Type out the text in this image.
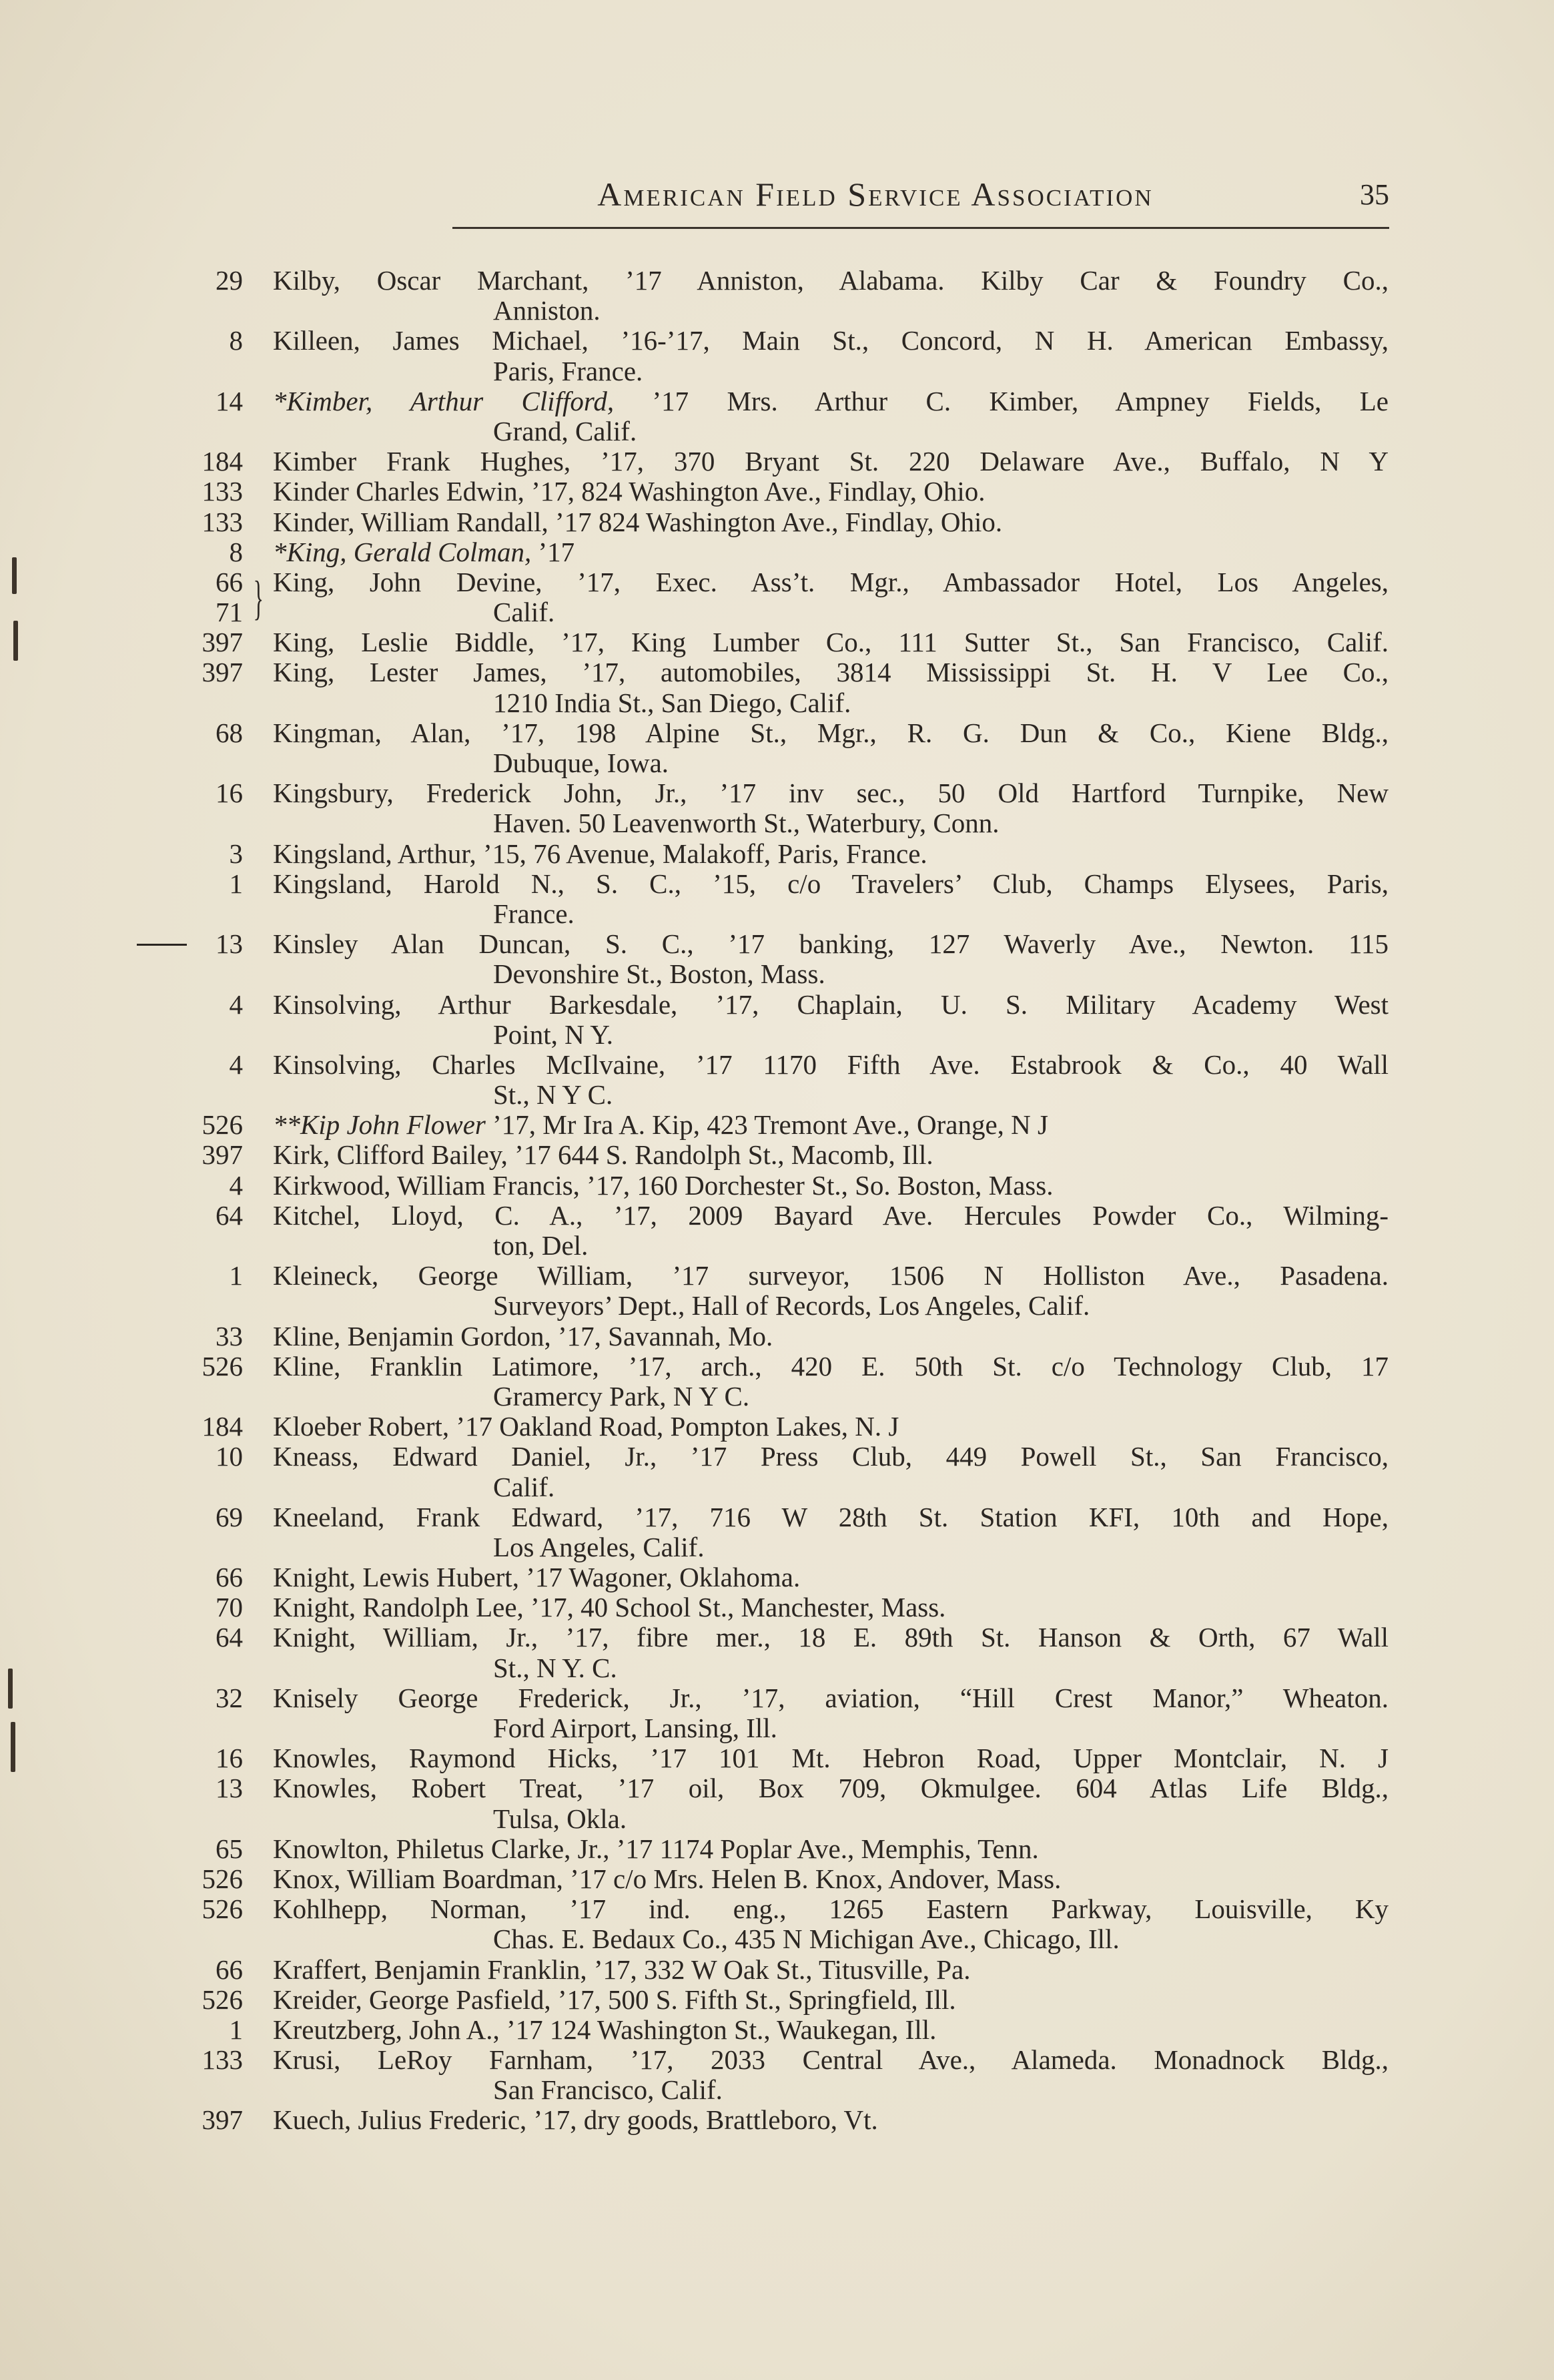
American Field Service Association	35
29 Kilby, Oscar Marchant, ’17 Anniston, Alabama. Kilby Car & Foundry Co.,
Anniston.
8 Killeen, James Michael, ’16-’17, Main St., Concord, N H. American Embassy,
Paris, France.
14 *Kimber, Arthur Clifford, ’17 Mrs. Arthur C. Kimber, Ampney Fields, Le
Grand, Calif.
184 Kimber Frank Hughes, ’17, 370 Bryant St. 220 Delaware Ave., Buffalo, N Y
133 Kinder Charles Edwin, ’17, 824 Washington Ave., Findlay, Ohio.
133 Kinder, William Randall, ’17 824 Washington Ave., Findlay, Ohio.
8 *King, Gerald Colman, ’17
66
71 } King, John Devine, ’17, Exec. Ass’t. Mgr., Ambassador Hotel, Los Angeles,
Calif.
397 King, Leslie Biddle, ’17, King Lumber Co., 111 Sutter St., San Francisco, Calif.
397 King, Lester James, ’17, automobiles, 3814 Mississippi St. H. V Lee Co.,
1210 India St., San Diego, Calif.
68 Kingman, Alan, ’17, 198 Alpine St., Mgr., R. G. Dun & Co., Kiene Bldg.,
Dubuque, Iowa.
16 Kingsbury, Frederick John, Jr., ’17 inv sec., 50 Old Hartford Turnpike, New
Haven. 50 Leavenworth St., Waterbury, Conn.
3 Kingsland, Arthur, ’15, 76 Avenue, Malakoff, Paris, France.
1 Kingsland, Harold N., S. C., ’15, c/o Travelers’ Club, Champs Elysees, Paris,
France.
13 Kinsley Alan Duncan, S. C., ’17 banking, 127 Waverly Ave., Newton. 115
Devonshire St., Boston, Mass.
4 Kinsolving, Arthur Barkesdale, ’17, Chaplain, U. S. Military Academy West
Point, N Y.
4 Kinsolving, Charles McIlvaine, ’17 1170 Fifth Ave. Estabrook & Co., 40 Wall
St., N Y C.
526 **Kip John Flower ’17, Mr Ira A. Kip, 423 Tremont Ave., Orange, N J
397 Kirk, Clifford Bailey, ’17 644 S. Randolph St., Macomb, Ill.
4 Kirkwood, William Francis, ’17, 160 Dorchester St., So. Boston, Mass.
64 Kitchel, Lloyd, C. A., ’17, 2009 Bayard Ave. Hercules Powder Co., Wilming-
ton, Del.
1 Kleineck, George William, ’17 surveyor, 1506 N Holliston Ave., Pasadena.
Surveyors’ Dept., Hall of Records, Los Angeles, Calif.
33 Kline, Benjamin Gordon, ’17, Savannah, Mo.
526 Kline, Franklin Latimore, ’17, arch., 420 E. 50th St. c/o Technology Club, 17
Gramercy Park, N Y C.
184 Kloeber Robert, ’17 Oakland Road, Pompton Lakes, N. J
10 Kneass, Edward Daniel, Jr., ’17 Press Club, 449 Powell St., San Francisco,
Calif.
69 Kneeland, Frank Edward, ’17, 716 W 28th St. Station KFI, 10th and Hope,
Los Angeles, Calif.
66 Knight, Lewis Hubert, ’17 Wagoner, Oklahoma.
70 Knight, Randolph Lee, ’17, 40 School St., Manchester, Mass.
64 Knight, William, Jr., ’17, fibre mer., 18 E. 89th St. Hanson & Orth, 67 Wall
St., N Y. C.
32 Knisely George Frederick, Jr., ’17, aviation, “Hill Crest Manor,” Wheaton.
Ford Airport, Lansing, Ill.
16 Knowles, Raymond Hicks, ’17 101 Mt. Hebron Road, Upper Montclair, N. J
13 Knowles, Robert Treat, ’17 oil, Box 709, Okmulgee. 604 Atlas Life Bldg.,
Tulsa, Okla.
65 Knowlton, Philetus Clarke, Jr., ’17 1174 Poplar Ave., Memphis, Tenn.
526 Knox, William Boardman, ’17 c/o Mrs. Helen B. Knox, Andover, Mass.
526 Kohlhepp, Norman, ’17 ind. eng., 1265 Eastern Parkway, Louisville, Ky
Chas. E. Bedaux Co., 435 N Michigan Ave., Chicago, Ill.
66 Kraffert, Benjamin Franklin, ’17, 332 W Oak St., Titusville, Pa.
526 Kreider, George Pasfield, ’17, 500 S. Fifth St., Springfield, Ill.
1 Kreutzberg, John A., ’17 124 Washington St., Waukegan, Ill.
133 Krusi, LeRoy Farnham, ’17, 2033 Central Ave., Alameda. Monadnock Bldg.,
San Francisco, Calif.
397 Kuech, Julius Frederic, ’17, dry goods, Brattleboro, Vt.
